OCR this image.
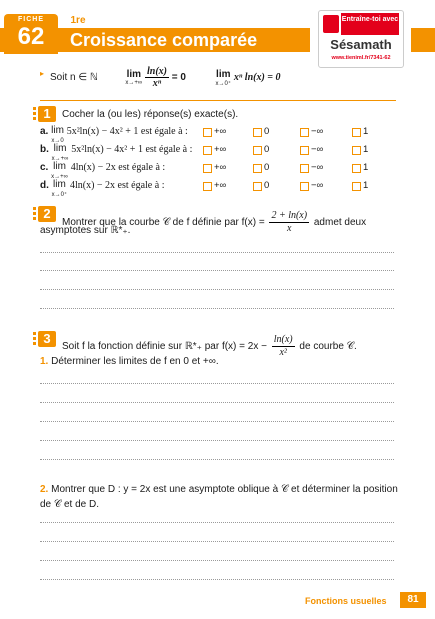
FICHE
62
1re
Croissance comparée
Entraîne-toi avec
Sésamath
www.tieniml.fr/7341-62
▸ Soit n ∈ ℕ	lim
x→+∞
$\frac{\ln(x)}{\text{xⁿ}} = 0$	lim
x→0⁺
xⁿ ln(x) = 0
1	Cocher la (ou les) réponse(s) exacte(s).
a. lim
x→0
5x²ln(x) − 4x² + 1 est égale à :	+∞	0	−∞	1
b. lim
x→+∞
5x²ln(x) − 4x² + 1 est égale à : +∞	0	−∞	1
c. lim
x→+∞
4ln(x) − 2x est égale à :	+∞	0	−∞	1
d. lim
x→0⁺
4ln(x) − 2x est égale à :	+∞	0	−∞	1
2
Montrer que la courbe 𝒞 de f définie par $f(x) = \frac{2 + \ln(x)}{x}$ admet deux
asymptotes sur ℝ*₊.
3
Soit f la fonction définie sur ℝ*₊ par $f(x) = 2x - \frac{\ln(x)}{\text{x²}}$ de courbe 𝒞.
1. Déterminer les limites de f en 0 et +∞.
2. Montrer que D : y = 2x est une asymptote oblique à 𝒞 et déterminer la position
de 𝒞 et de D.
Fonctions usuelles	81
